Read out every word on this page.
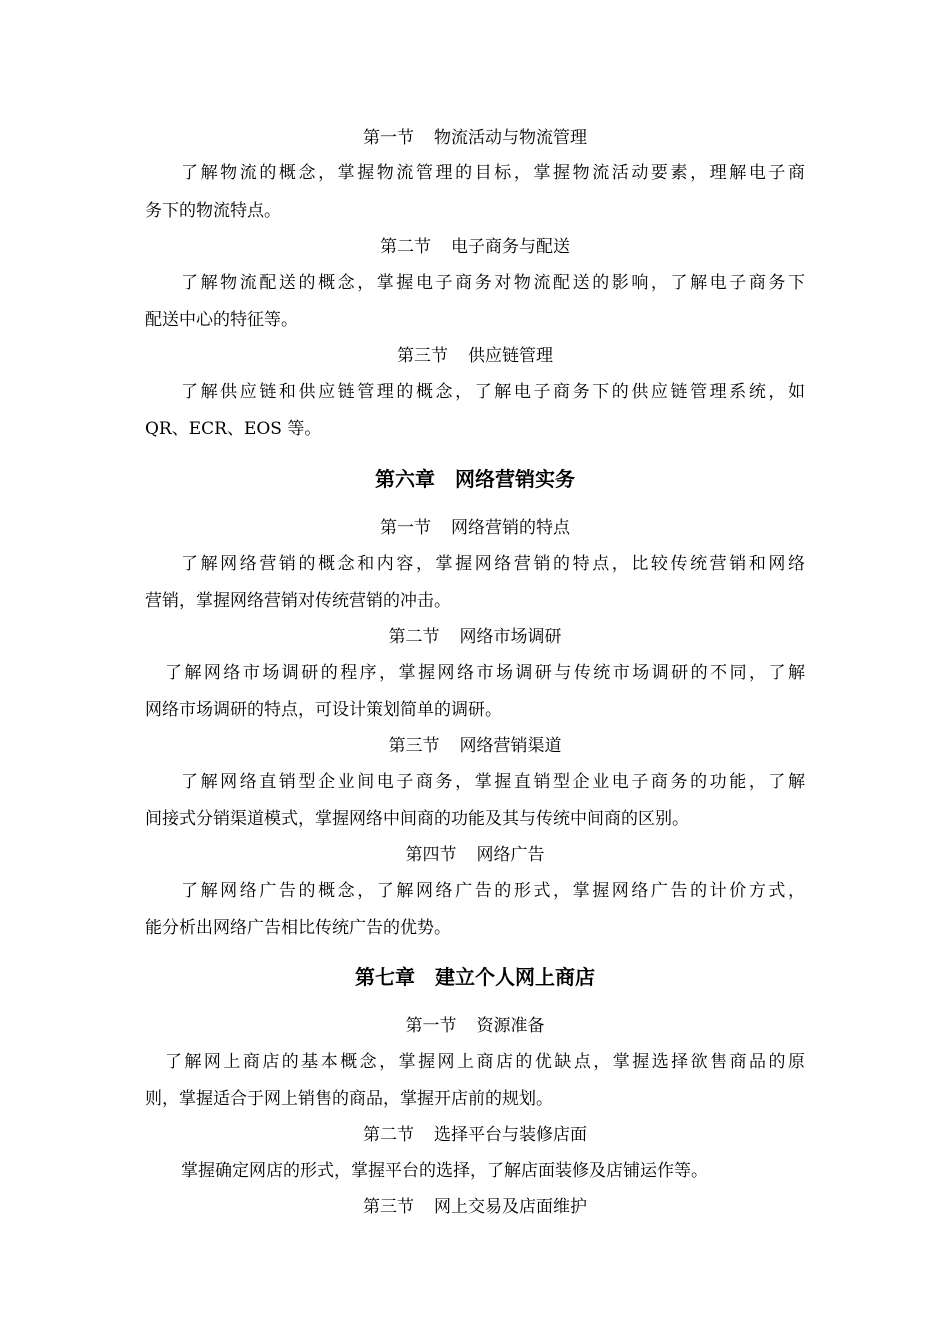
第一节 物流活动与物流管理
了解物流的概念，掌握物流管理的目标，掌握物流活动要素，理解电子商
务下的物流特点。
第二节 电子商务与配送
了解物流配送的概念，掌握电子商务对物流配送的影响，了解电子商务下
配送中心的特征等。
第三节 供应链管理
了解供应链和供应链管理的概念，了解电子商务下的供应链管理系统，如
QR、ECR、EOS 等。
第六章 网络营销实务
第一节 网络营销的特点
了解网络营销的概念和内容，掌握网络营销的特点，比较传统营销和网络
营销，掌握网络营销对传统营销的冲击。
第二节 网络市场调研
了解网络市场调研的程序，掌握网络市场调研与传统市场调研的不同，了解
网络市场调研的特点，可设计策划简单的调研。
第三节 网络营销渠道
了解网络直销型企业间电子商务，掌握直销型企业电子商务的功能，了解
间接式分销渠道模式，掌握网络中间商的功能及其与传统中间商的区别。
第四节 网络广告
了解网络广告的概念，了解网络广告的形式，掌握网络广告的计价方式，
能分析出网络广告相比传统广告的优势。
第七章 建立个人网上商店
第一节 资源准备
了解网上商店的基本概念，掌握网上商店的优缺点，掌握选择欲售商品的原
则，掌握适合于网上销售的商品，掌握开店前的规划。
第二节 选择平台与装修店面
掌握确定网店的形式，掌握平台的选择，了解店面装修及店铺运作等。
第三节 网上交易及店面维护
